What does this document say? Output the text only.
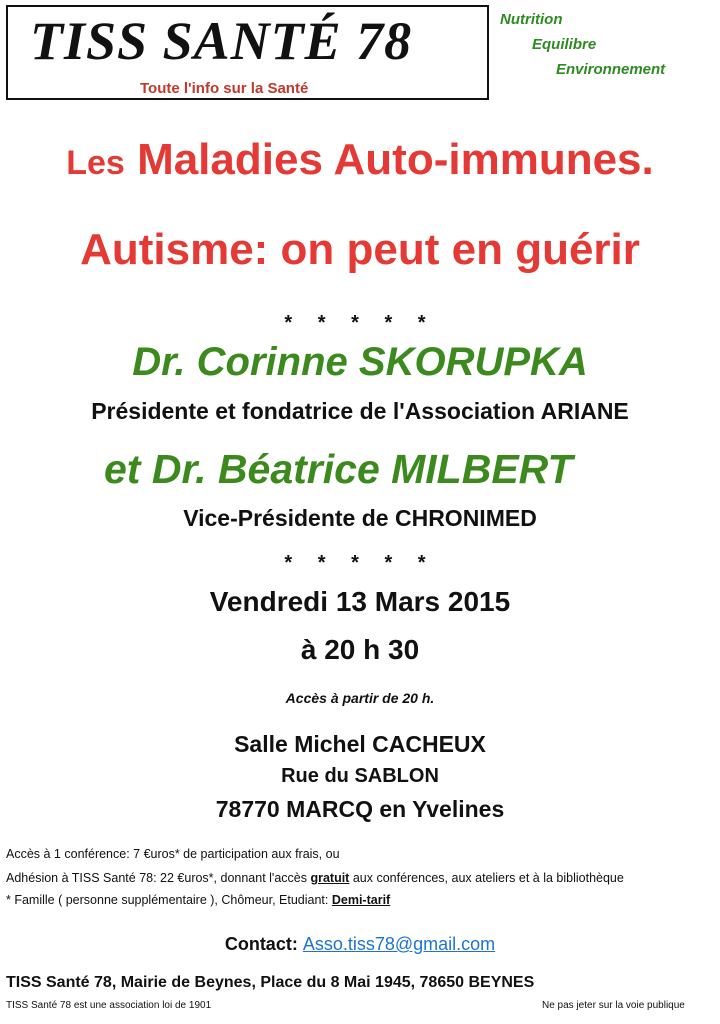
TISS SANTÉ 78
Toute l'info sur la Santé
Nutrition
Equilibre
Environnement
Les Maladies Auto-immunes.
Autisme: on peut en guérir
* * * * *
Dr. Corinne SKORUPKA
Présidente et fondatrice de l'Association ARIANE
et Dr. Béatrice MILBERT
Vice-Présidente de CHRONIMED
* * * * *
Vendredi 13 Mars 2015
à 20 h 30
Accès à partir de 20 h.
Salle Michel CACHEUX
Rue du SABLON
78770 MARCQ en Yvelines
Accès à 1 conférence: 7 €uros* de participation aux frais, ou
Adhésion à TISS Santé 78: 22 €uros*, donnant l'accès gratuit aux conférences, aux ateliers et à la bibliothèque
* Famille ( personne supplémentaire ), Chômeur, Etudiant: Demi-tarif
Contact: Asso.tiss78@gmail.com
TISS Santé 78, Mairie de Beynes, Place du 8 Mai 1945, 78650 BEYNES
TISS Santé 78 est une association loi de 1901	Ne pas jeter sur la voie publique
